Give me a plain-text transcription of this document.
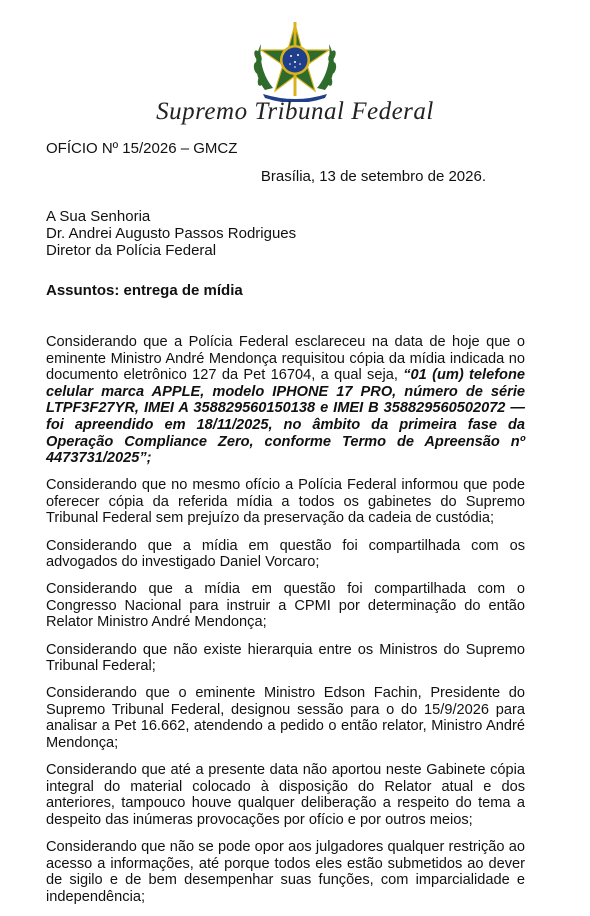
Supremo Tribunal Federal
OFÍCIO Nº 15/2026 – GMCZ
Brasília, 13 de setembro de 2026.
A Sua Senhoria
Dr. Andrei Augusto Passos Rodrigues
Diretor da Polícia Federal
Assuntos: entrega de mídia

Considerando que a Polícia Federal esclareceu na data de hoje que o eminente Ministro André Mendonça requisitou cópia da mídia indicada no documento eletrônico 127 da Pet 16704, a qual seja, “01 (um) telefone celular marca APPLE, modelo IPHONE 17 PRO, número de série LTPF3F27YR, IMEI A 358829560150138 e IMEI B 358829560502072 — foi apreendido em 18/11/2025, no âmbito da primeira fase da Operação Compliance Zero, conforme Termo de Apreensão nº 4473731/2025”;

Considerando que no mesmo ofício a Polícia Federal informou que pode oferecer cópia da referida mídia a todos os gabinetes do Supremo Tribunal Federal sem prejuízo da preservação da cadeia de custódia;

Considerando que a mídia em questão foi compartilhada com os advogados do investigado Daniel Vorcaro;

Considerando que a mídia em questão foi compartilhada com o Congresso Nacional para instruir a CPMI por determinação do então Relator Ministro André Mendonça;

Considerando que não existe hierarquia entre os Ministros do Supremo Tribunal Federal;

Considerando que o eminente Ministro Edson Fachin, Presidente do Supremo Tribunal Federal, designou sessão para o do 15/9/2026 para analisar a Pet 16.662, atendendo a pedido o então relator, Ministro André Mendonça;

Considerando que até a presente data não aportou neste Gabinete cópia integral do material colocado à disposição do Relator atual e dos anteriores, tampouco houve qualquer deliberação a respeito do tema a despeito das inúmeras provocações por ofício e por outros meios;

Considerando que não se pode opor aos julgadores qualquer restrição ao acesso a informações, até porque todos eles estão submetidos ao dever de sigilo e de bem desempenhar suas funções, com imparcialidade e independência;
